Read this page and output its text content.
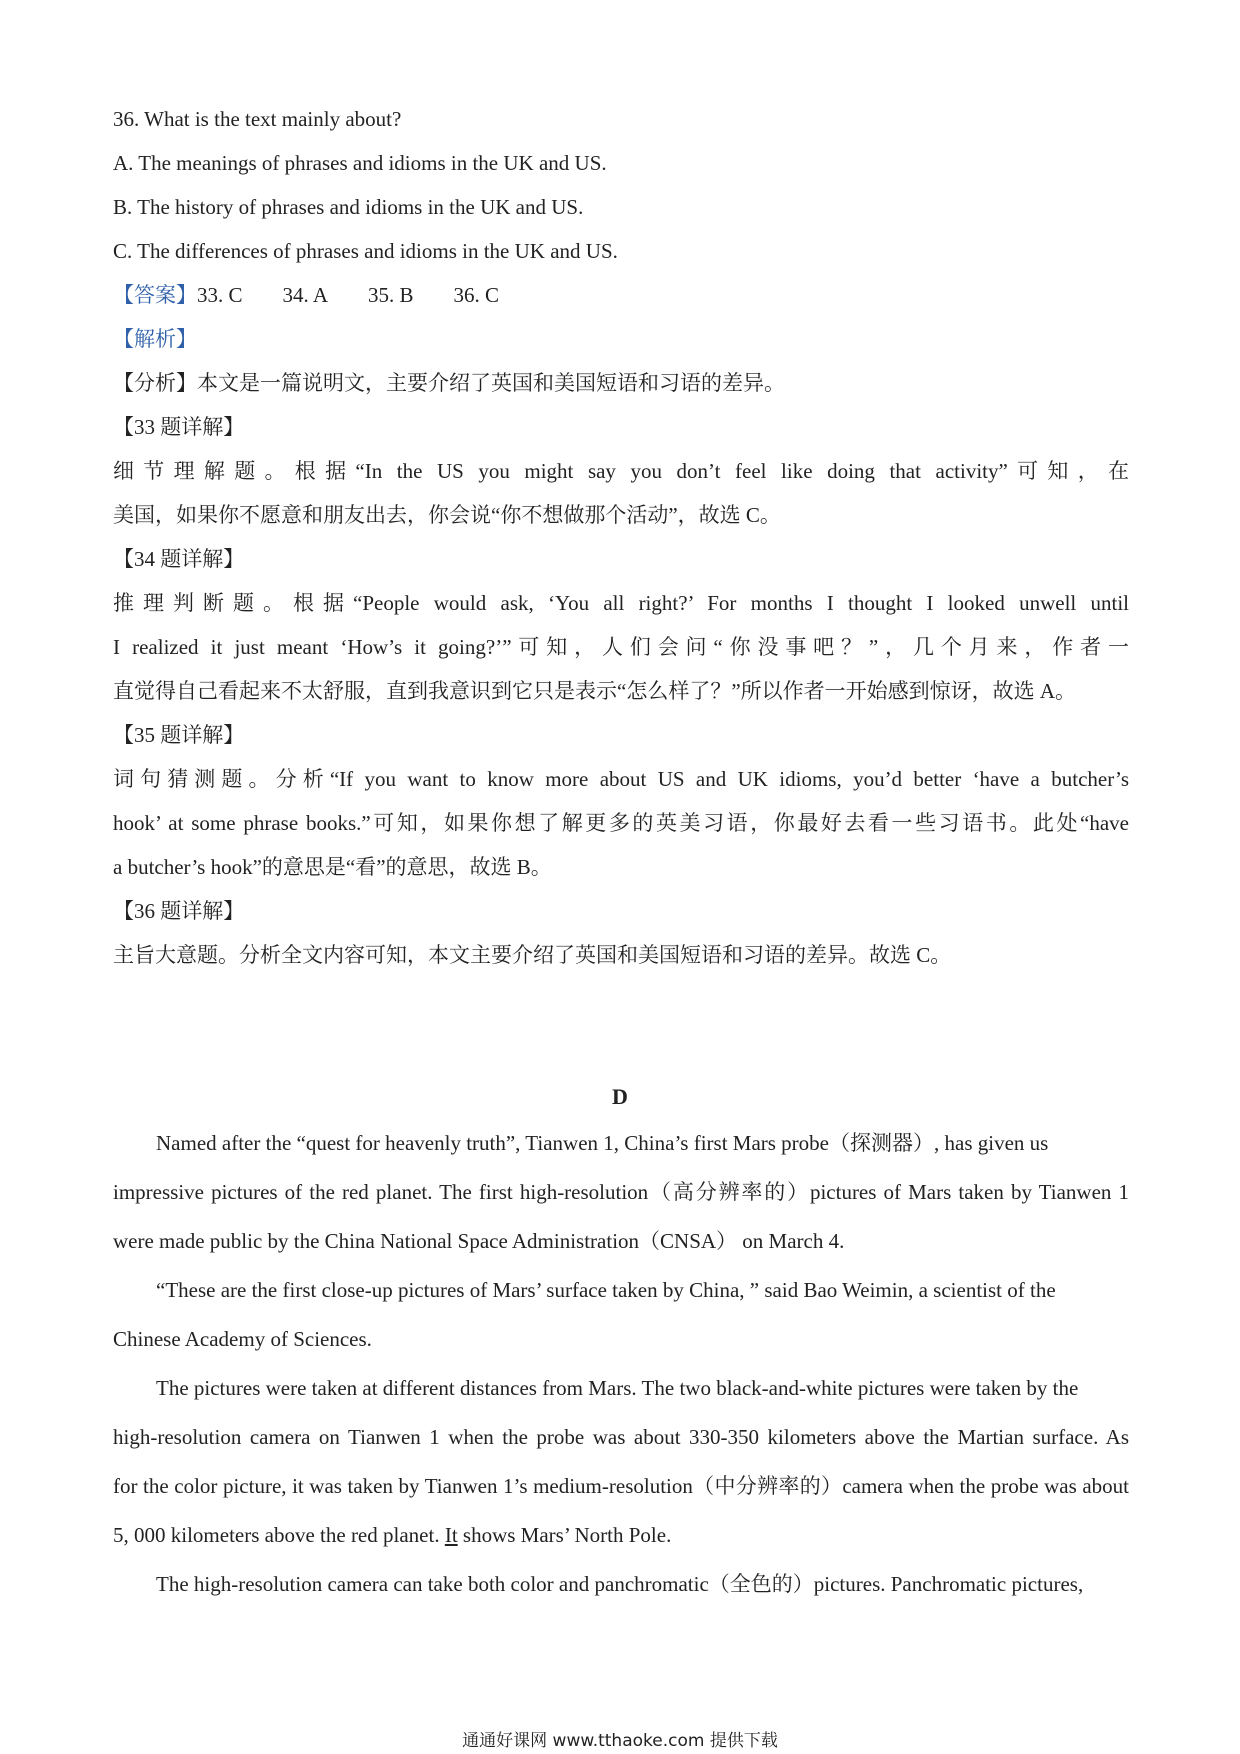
36. What is the text mainly about?
A. The meanings of phrases and idioms in the UK and US.
B. The history of phrases and idioms in the UK and US.
C. The differences of phrases and idioms in the UK and US.
【答案】33. C 34. A 35. B 36. C
【解析】
【分析】本文是一篇说明文，主要介绍了英国和美国短语和习语的差异。
【33 题详解】
细节理解题。根据“In the US you might say you don’t feel like doing that activity”可知，在
美国，如果你不愿意和朋友出去，你会说“你不想做那个活动”，故选 C。
【34 题详解】
推理判断题。根据“People would ask, ‘You all right?’ For months I thought I looked unwell until
I realized it just meant ‘How’s it going?’”可知，人们会问“你没事吧？”，几个月来，作者一
直觉得自己看起来不太舒服，直到我意识到它只是表示“怎么样了？”所以作者一开始感到惊讶，故选 A。
【35 题详解】
词句猜测题。分析“If you want to know more about US and UK idioms, you’d better ‘have a butcher’s
hook’ at some phrase books.”可知，如果你想了解更多的英美习语，你最好去看一些习语书。此处“have
a butcher’s hook”的意思是“看”的意思，故选 B。
【36 题详解】
主旨大意题。分析全文内容可知，本文主要介绍了英国和美国短语和习语的差异。故选 C。
D
Named after the “quest for heavenly truth”, Tianwen 1, China’s first Mars probe（探测器）, has given us
impressive pictures of the red planet. The first high-resolution（高分辨率的）pictures of Mars taken by Tianwen 1
were made public by the China National Space Administration（CNSA） on March 4.
“These are the first close-up pictures of Mars’ surface taken by China, ” said Bao Weimin, a scientist of the
Chinese Academy of Sciences.
The pictures were taken at different distances from Mars. The two black-and-white pictures were taken by the
high-resolution camera on Tianwen 1 when the probe was about 330-350 kilometers above the Martian surface. As
for the color picture, it was taken by Tianwen 1’s medium-resolution（中分辨率的）camera when the probe was about
5, 000 kilometers above the red planet. It shows Mars’ North Pole.
The high-resolution camera can take both color and panchromatic（全色的）pictures. Panchromatic pictures,
通通好课网 www.tthaoke.com 提供下载
